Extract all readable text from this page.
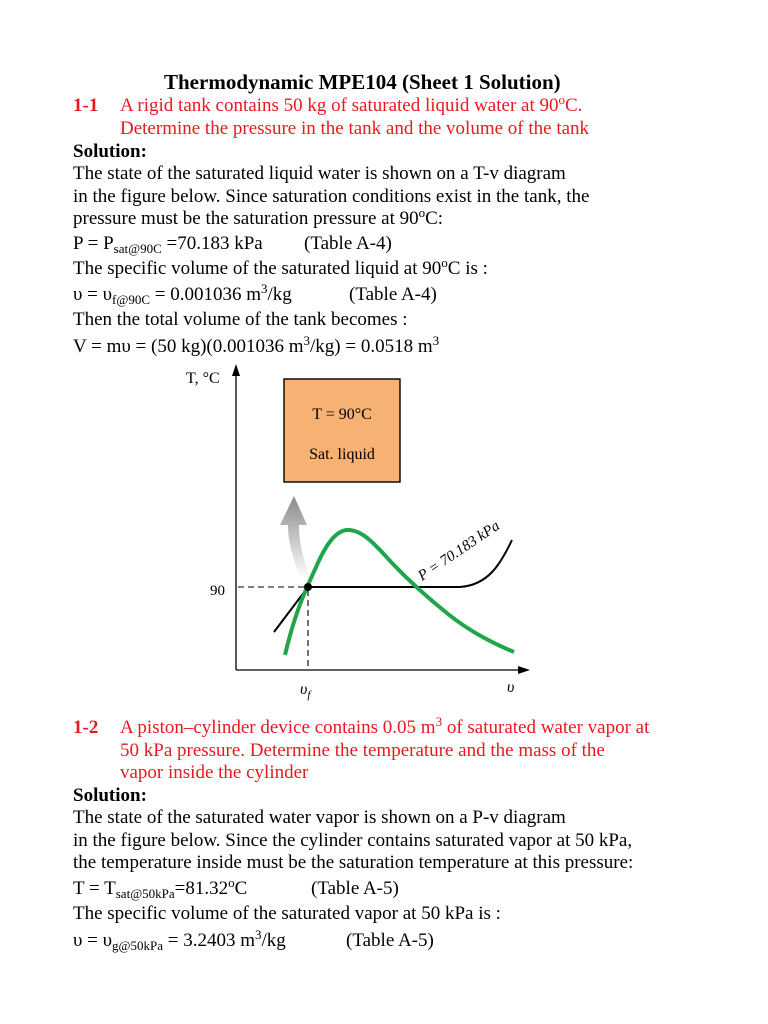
Thermodynamic MPE104 (Sheet 1 Solution)
1-1 A rigid tank contains 50 kg of saturated liquid water at 90$^o$C.
Determine the pressure in the tank and the volume of the tank
Solution:
The state of the saturated liquid water is shown on a T-v diagram
in the figure below. Since saturation conditions exist in the tank, the
pressure must be the saturation pressure at 90$^o$C:
$P = P_{sat@90C} =70.183$ kPa (Table A-4)
The specific volume of the saturated liquid at 90$^o$C is :
$\upsilon = \upsilon_{f@90C} = 0.001036$ $m^3/kg$	(Table A-4)
Then the total volume of the tank becomes :
V = mυ = (50 kg)(0.001036 $m^3/kg) = 0.0518$ $m^3$
T, °C
90
υ
$\upsilon_f$
T = 90°C
Sat. liquid
P = 70.183 kPa
1-2 A piston–cylinder device contains 0.05 $m^3$ of saturated water vapor at
50 kPa pressure. Determine the temperature and the mass of the
vapor inside the cylinder
Solution:
The state of the saturated water vapor is shown on a P-v diagram
in the figure below. Since the cylinder contains saturated vapor at 50 kPa,
the temperature inside must be the saturation temperature at this pressure:
$T = T_{sat@50kPa}=81.32^oC$	(Table A-5)
The specific volume of the saturated vapor at 50 kPa is :
$\upsilon = \upsilon_{g@50kPa} = 3.2403$ $m^3/kg$	(Table A-5)
